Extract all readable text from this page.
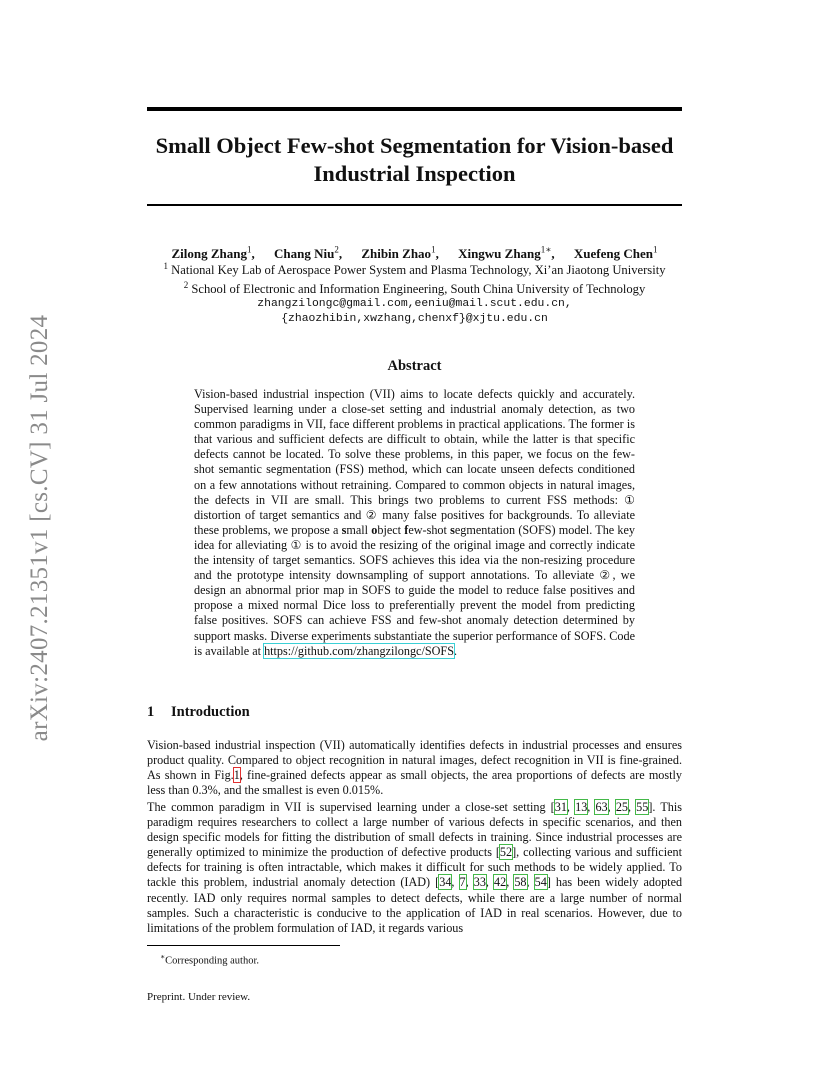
arXiv:2407.21351v1 [cs.CV] 31 Jul 2024
Small Object Few-shot Segmentation for Vision-based
Industrial Inspection
Zilong Zhang$^1$, Chang Niu$^2$, Zhibin Zhao$^1$, Xingwu Zhang$^{1∗}$, Xuefeng Chen$^1$
$^1$ National Key Lab of Aerospace Power System and Plasma Technology, Xi’an Jiaotong University
$^2$ School of Electronic and Information Engineering, South China University of Technology
zhangzilongc@gmail.com,eeniu@mail.scut.edu.cn,
{zhaozhibin,xwzhang,chenxf}@xjtu.edu.cn
Abstract
Vision-based industrial inspection (VII) aims to locate defects quickly and accurately. Supervised learning under a close-set setting and industrial anomaly detection, as two common paradigms in VII, face different problems in practical applications. The former is that various and sufficient defects are difficult to obtain, while the latter is that specific defects cannot be located. To solve these problems, in this paper, we focus on the few-shot semantic segmentation (FSS) method, which can locate unseen defects conditioned on a few annotations without retraining. Compared to common objects in natural images, the defects in VII are small. This brings two problems to current FSS methods: ① distortion of target semantics and ② many false positives for backgrounds. To alleviate these problems, we propose a small object few-shot segmentation (SOFS) model. The key idea for alleviating ① is to avoid the resizing of the original image and correctly indicate the intensity of target semantics. SOFS achieves this idea via the non-resizing procedure and the prototype intensity downsampling of support annotations. To alleviate ②, we design an abnormal prior map in SOFS to guide the model to reduce false positives and propose a mixed normal Dice loss to preferentially prevent the model from predicting false positives. SOFS can achieve FSS and few-shot anomaly detection determined by support masks. Diverse experiments substantiate the superior performance of SOFS. Code is available at https://github.com/zhangzilongc/SOFS.
1 Introduction
Vision-based industrial inspection (VII) automatically identifies defects in industrial processes and ensures product quality. Compared to object recognition in natural images, defect recognition in VII is fine-grained. As shown in Fig.1, fine-grained defects appear as small objects, the area proportions of defects are mostly less than 0.3%, and the smallest is even 0.015%.
The common paradigm in VII is supervised learning under a close-set setting [31, 13, 63, 25, 55]. This paradigm requires researchers to collect a large number of various defects in specific scenarios, and then design specific models for fitting the distribution of small defects in training. Since industrial processes are generally optimized to minimize the production of defective products [52], collecting various and sufficient defects for training is often intractable, which makes it difficult for such methods to be widely applied. To tackle this problem, industrial anomaly detection (IAD) [34, 7, 33, 42, 58, 54] has been widely adopted recently. IAD only requires normal samples to detect defects, while there are a large number of normal samples. Such a characteristic is conducive to the application of IAD in real scenarios. However, due to limitations of the problem formulation of IAD, it regards various
∗Corresponding author.
Preprint. Under review.
